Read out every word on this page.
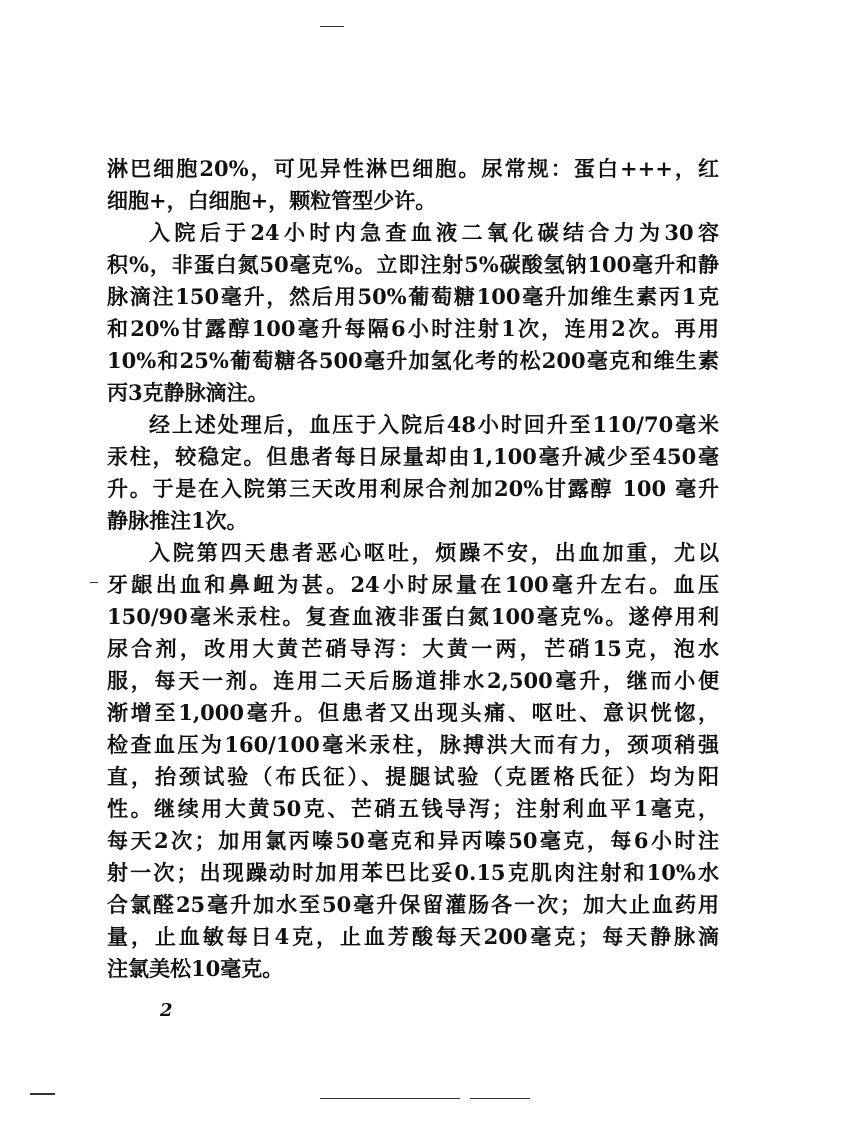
淋巴细胞20%，可见异性淋巴细胞。尿常规：蛋白+++，红
细胞+，白细胞+，颗粒管型少许。
入院后于24小时内急查血液二氧化碳结合力为30容
积%，非蛋白氮50毫克%。立即注射5%碳酸氢钠100毫升和静
脉滴注150毫升，然后用50%葡萄糖100毫升加维生素丙1克
和20%甘露醇100毫升每隔6小时注射1次，连用2次。再用
10%和25%葡萄糖各500毫升加氢化考的松200毫克和维生素
丙3克静脉滴注。
经上述处理后，血压于入院后48小时回升至110/70毫米
汞柱，较稳定。但患者每日尿量却由1,100毫升减少至450毫
升。于是在入院第三天改用利尿合剂加20%甘露醇 100 毫升
静脉推注1次。
入院第四天患者恶心呕吐，烦躁不安，出血加重，尤以
牙龈出血和鼻衄为甚。24小时尿量在100毫升左右。血压
150/90毫米汞柱。复查血液非蛋白氮100毫克%。遂停用利
尿合剂，改用大黄芒硝导泻：大黄一两，芒硝15克，泡水
服，每天一剂。连用二天后肠道排水2,500毫升，继而小便
渐增至1,000毫升。但患者又出现头痛、呕吐、意识恍惚，
检查血压为160/100毫米汞柱，脉搏洪大而有力，颈项稍强
直，抬颈试验（布氏征）、提腿试验（克匿格氏征）均为阳
性。继续用大黄50克、芒硝五钱导泻；注射利血平1毫克，
每天2次；加用氯丙嗪50毫克和异丙嗪50毫克，每6小时注
射一次；出现躁动时加用苯巴比妥0.15克肌肉注射和10%水
合氯醛25毫升加水至50毫升保留灌肠各一次；加大止血药用
量，止血敏每日4克，止血芳酸每天200毫克；每天静脉滴
注氯美松10毫克。
2
